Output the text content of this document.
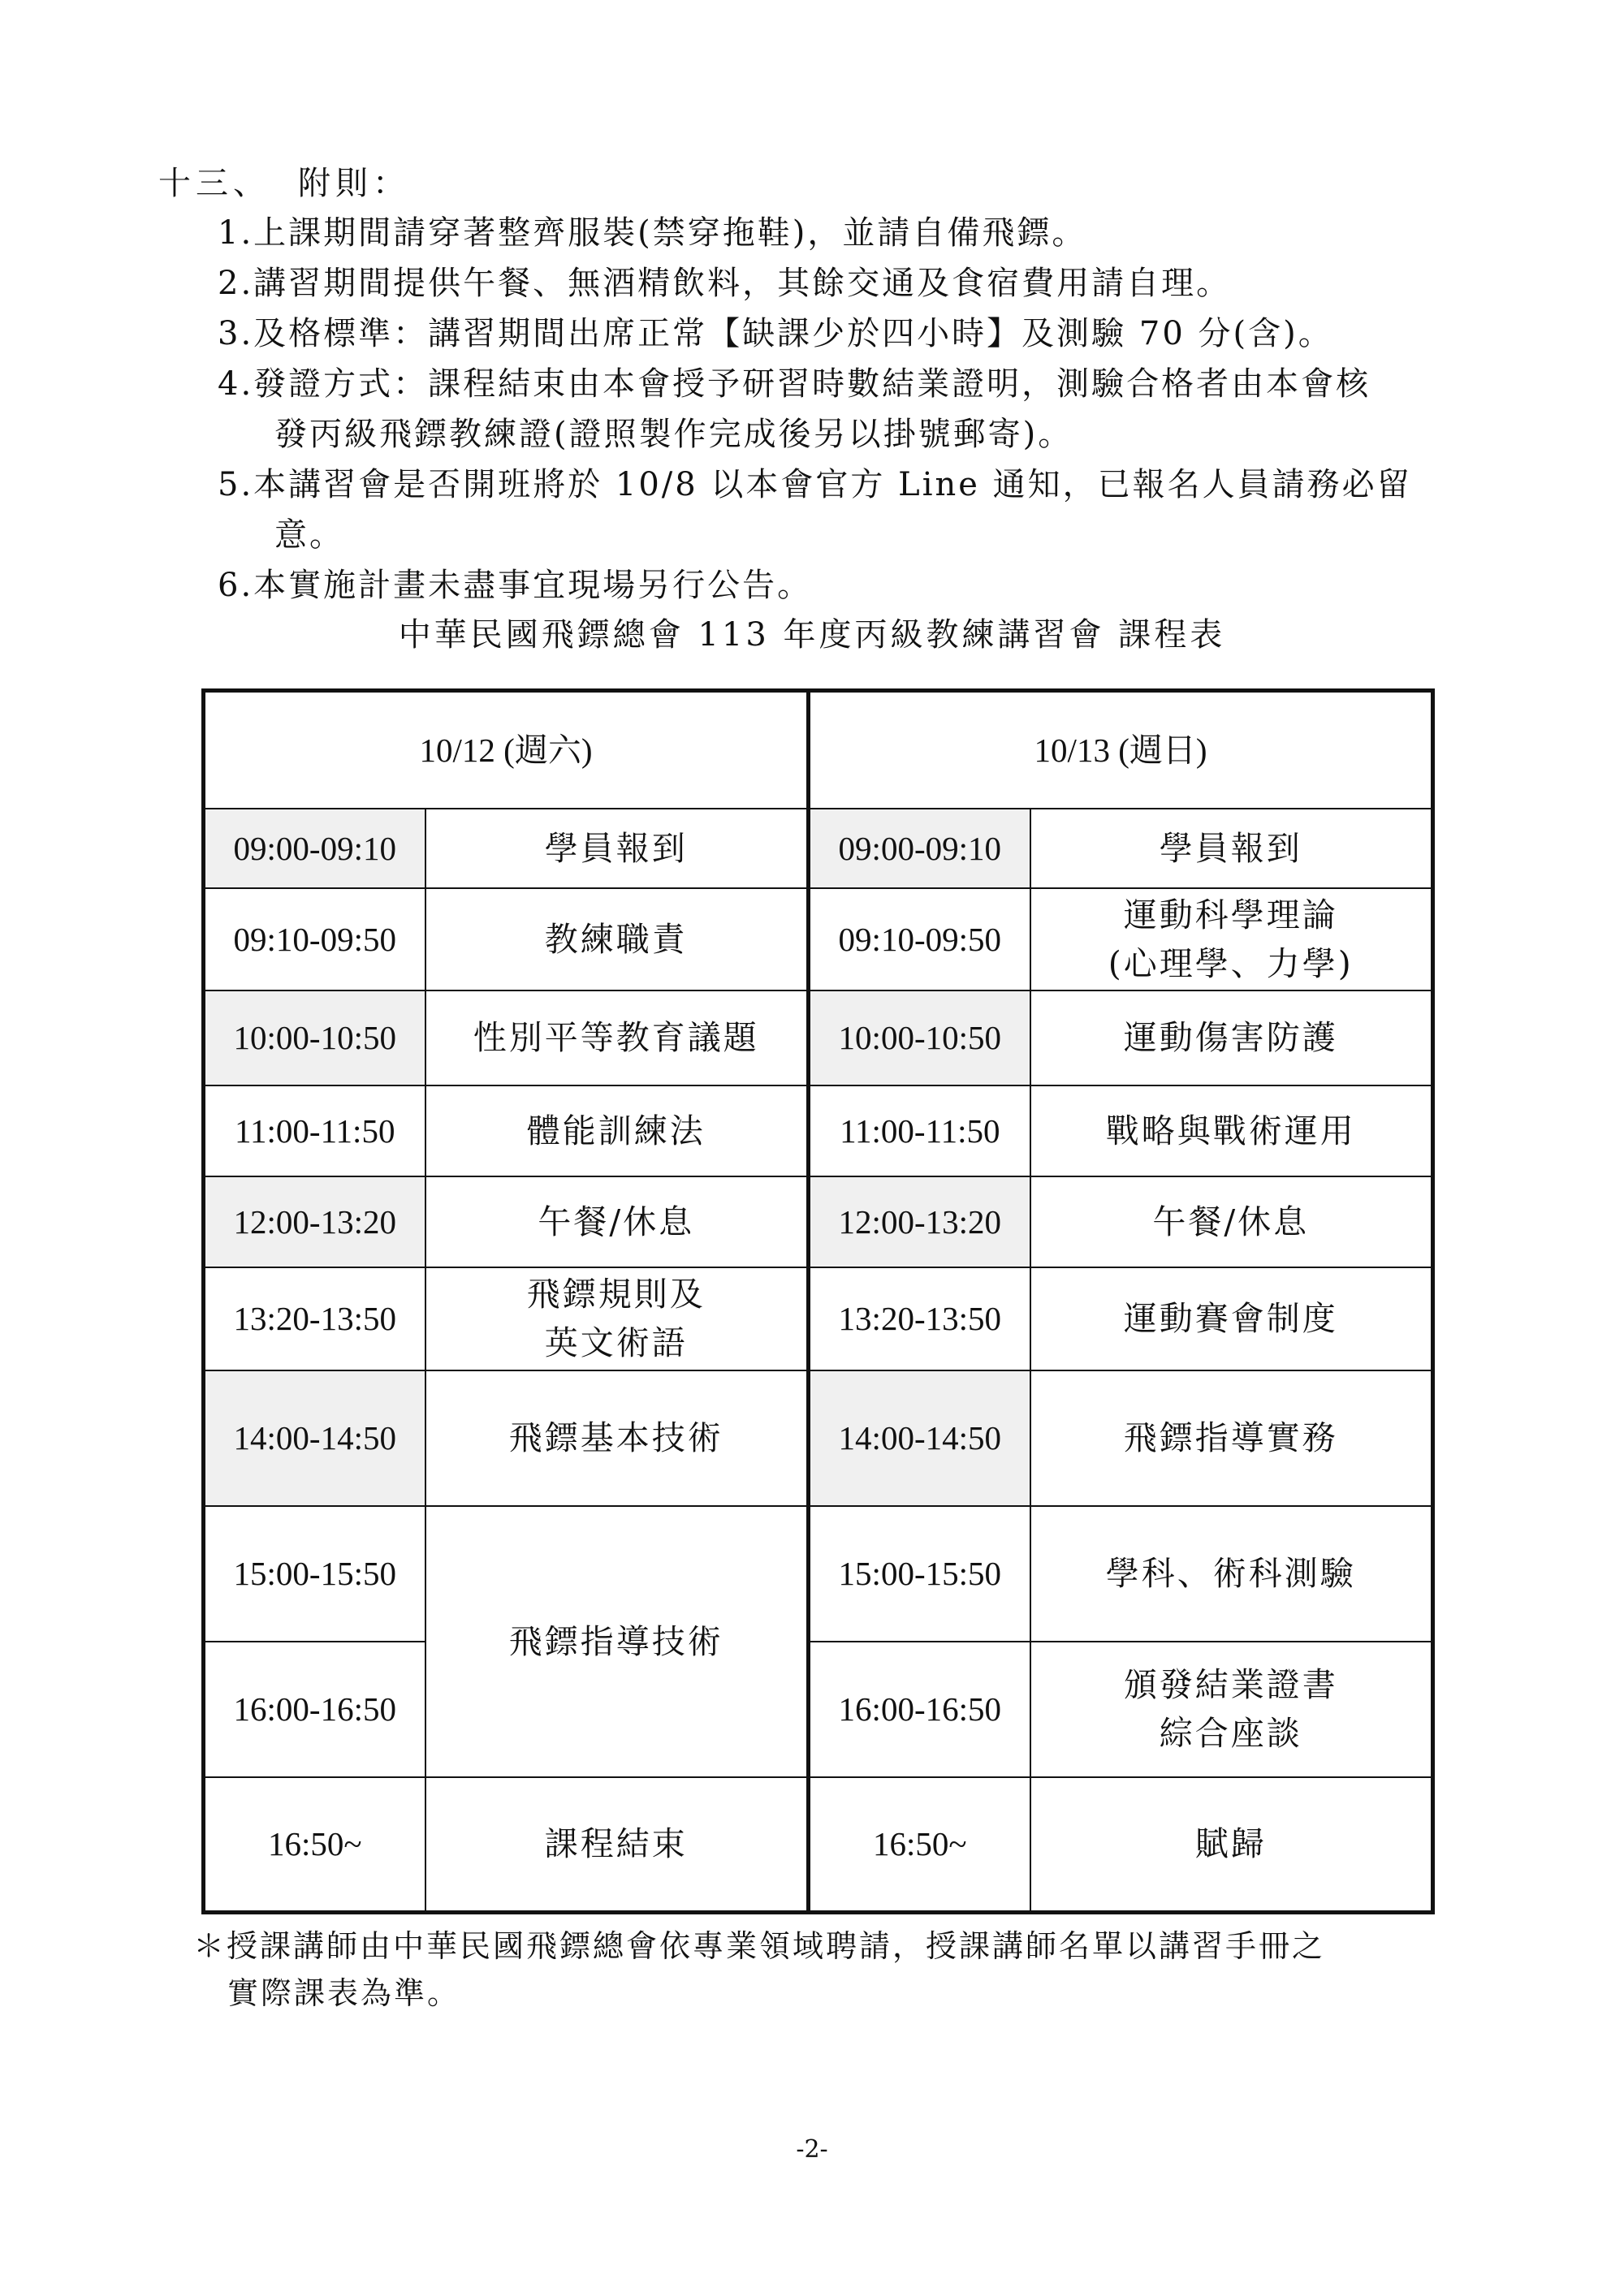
十三、 附則：
1.上課期間請穿著整齊服裝(禁穿拖鞋)，並請自備飛鏢。
2.講習期間提供午餐、無酒精飲料，其餘交通及食宿費用請自理。
3.及格標準：講習期間出席正常【缺課少於四小時】及測驗 70 分(含)。
4.發證方式：課程結束由本會授予研習時數結業證明，測驗合格者由本會核
發丙級飛鏢教練證(證照製作完成後另以掛號郵寄)。
5.本講習會是否開班將於 10/8 以本會官方 Line 通知，已報名人員請務必留
意。
6.本實施計畫未盡事宜現場另行公告。
中華民國飛鏢總會 113 年度丙級教練講習會 課程表
10/12 (週六)		10/13 (週日)	
09:00-09:10	學員報到	09:00-09:10	學員報到
09:10-09:50	教練職責	09:10-09:50	運動科學理論
(心理學、力學)

10:00-10:50	性別平等教育議題	10:00-10:50	運動傷害防護
11:00-11:50	體能訓練法	11:00-11:50	戰略與戰術運用
12:00-13:20	午餐/休息	12:00-13:20	午餐/休息
13:20-13:50	飛鏢規則及
英文術語	13:20-13:50	運動賽會制度
14:00-14:50	飛鏢基本技術	14:00-14:50	飛鏢指導實務
15:00-15:50	飛鏢指導技術	15:00-15:50	學科、術科測驗
16:00-16:50		16:00-16:50	頒發結業證書
綜合座談

16:50~	課程結束	16:50~	賦歸
＊授課講師由中華民國飛鏢總會依專業領域聘請，授課講師名單以講習手冊之
實際課表為準。
-2-
